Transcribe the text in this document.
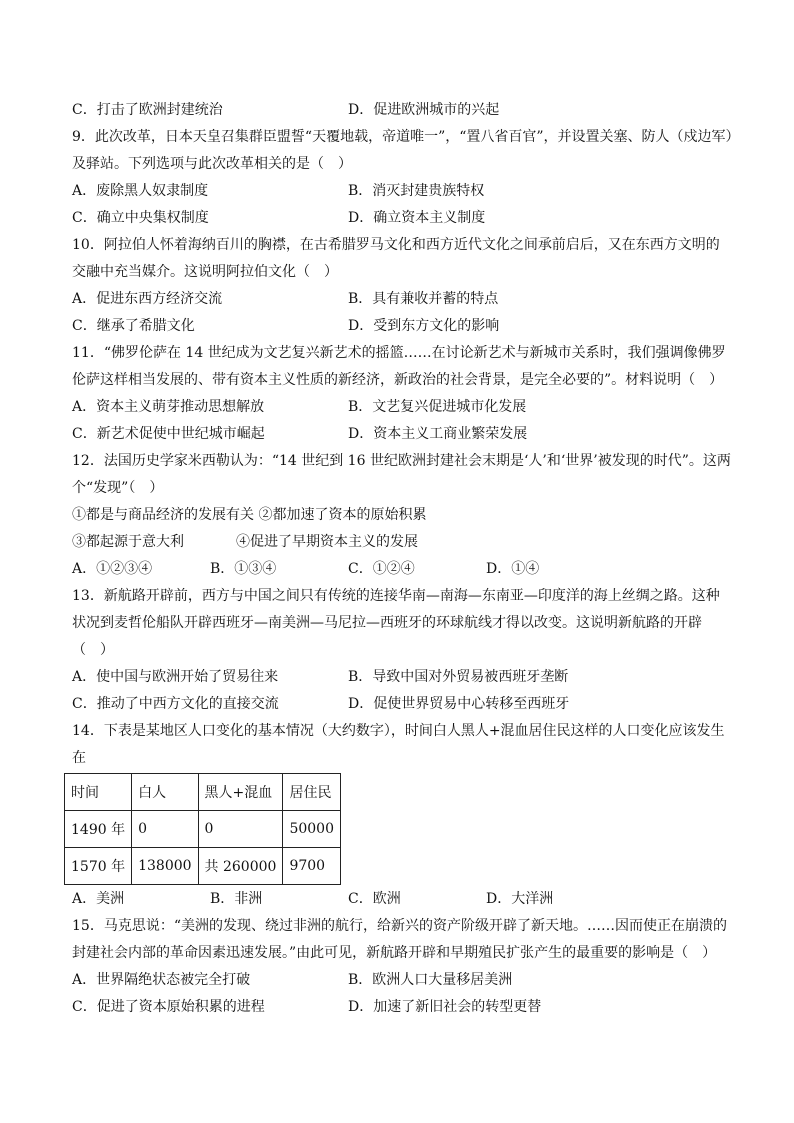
C．打击了欧洲封建统治	D．促进欧洲城市的兴起
9．此次改革，日本天皇召集群臣盟誓“天覆地载，帝道唯一”，“置八省百官”，并设置关塞、防人（戍边军）
及驿站。下列选项与此次改革相关的是（　）
A．废除黑人奴隶制度	B．消灭封建贵族特权
C．确立中央集权制度	D．确立资本主义制度
10．阿拉伯人怀着海纳百川的胸襟，在古希腊罗马文化和西方近代文化之间承前启后，又在东西方文明的
交融中充当媒介。这说明阿拉伯文化（　）
A．促进东西方经济交流	B．具有兼收并蓄的特点
C．继承了希腊文化	D．受到东方文化的影响
11．“佛罗伦萨在 14 世纪成为文艺复兴新艺术的摇篮……在讨论新艺术与新城市关系时，我们强调像佛罗
伦萨这样相当发展的、带有资本主义性质的新经济，新政治的社会背景，是完全必要的”。材料说明（　）
A．资本主义萌芽推动思想解放	B．文艺复兴促进城市化发展
C．新艺术促使中世纪城市崛起	D．资本主义工商业繁荣发展
12．法国历史学家米西勒认为：“14 世纪到 16 世纪欧洲封建社会末期是‘人’和‘世界’被发现的时代”。这两
个“发现”（　）
①都是与商品经济的发展有关 ②都加速了资本的原始积累
③都起源于意大利	④促进了早期资本主义的发展
A．①②③④	B．①③④	C．①②④	D．①④
13．新航路开辟前，西方与中国之间只有传统的连接华南—南海—东南亚—印度洋的海上丝绸之路。这种
状况到麦哲伦船队开辟西班牙—南美洲—马尼拉—西班牙的环球航线才得以改变。这说明新航路的开辟
（　）
A．使中国与欧洲开始了贸易往来	B．导致中国对外贸易被西班牙垄断
C．推动了中西方文化的直接交流	D．促使世界贸易中心转移至西班牙
14．下表是某地区人口变化的基本情况（大约数字），时间白人黑人+混血居住民这样的人口变化应该发生
在
时间	白人	黑人+混血	居住民
1490 年	0	0	50000
1570 年	138000	共 260000	9700
A．美洲	B．非洲	C．欧洲	D．大洋洲
15．马克思说：“美洲的发现、绕过非洲的航行，给新兴的资产阶级开辟了新天地。……因而使正在崩溃的
封建社会内部的革命因素迅速发展。”由此可见，新航路开辟和早期殖民扩张产生的最重要的影响是（　）
A．世界隔绝状态被完全打破	B．欧洲人口大量移居美洲
C．促进了资本原始积累的进程	D．加速了新旧社会的转型更替
